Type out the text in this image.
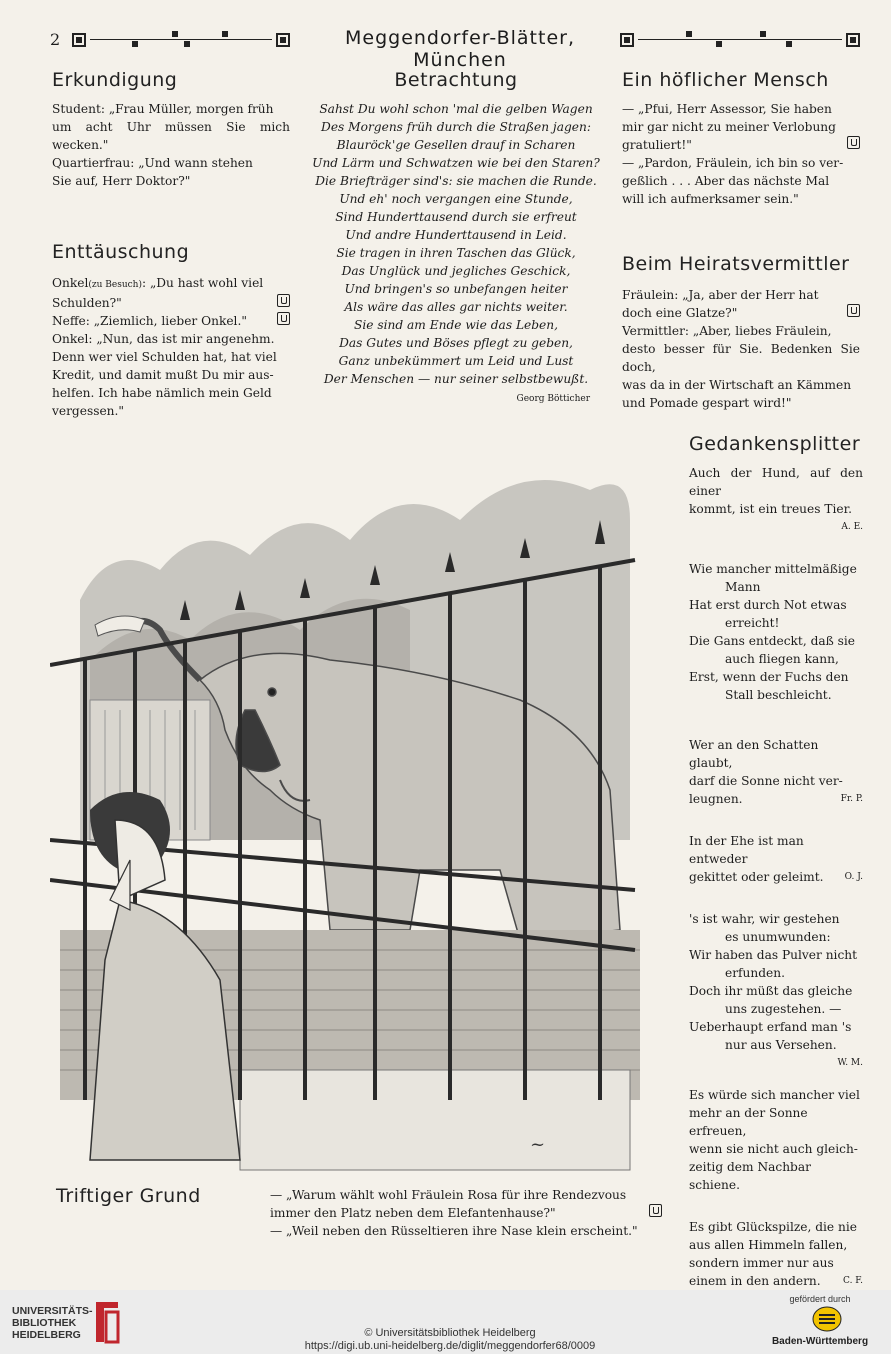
2	Meggendorfer-Blätter, München
Erkundigung
Student: „Frau Müller, morgen früh
um acht Uhr müssen Sie mich wecken."
Quartierfrau: „Und wann stehen
Sie auf, Herr Doktor?"
Enttäuschung
Onkel(zu Besuch): „Du hast wohl viel
Schulden?"
Neffe: „Ziemlich, lieber Onkel."
Onkel: „Nun, das ist mir angenehm.
Denn wer viel Schulden hat, hat viel
Kredit, und damit mußt Du mir aus-
helfen. Ich habe nämlich mein Geld
vergessen."
Betrachtung
Sahst Du wohl schon 'mal die gelben Wagen
Des Morgens früh durch die Straßen jagen:
Blauröck'ge Gesellen drauf in Scharen
Und Lärm und Schwatzen wie bei den Staren?
Die Briefträger sind's: sie machen die Runde.
Und eh' noch vergangen eine Stunde,
Sind Hunderttausend durch sie erfreut
Und andre Hunderttausend in Leid.
Sie tragen in ihren Taschen das Glück,
Das Unglück und jegliches Geschick,
Und bringen's so unbefangen heiter
Als wäre das alles gar nichts weiter.
Sie sind am Ende wie das Leben,
Das Gutes und Böses pflegt zu geben,
Ganz unbekümmert um Leid und Lust
Der Menschen — nur seiner selbstbewußt.
Georg Bötticher
Ein höflicher Mensch
— „Pfui, Herr Assessor, Sie haben
mir gar nicht zu meiner Verlobung
gratuliert!"
— „Pardon, Fräulein, ich bin so ver-
geßlich . . . Aber das nächste Mal
will ich aufmerksamer sein."
Beim Heiratsvermittler
Fräulein: „Ja, aber der Herr hat
doch eine Glatze?"
Vermittler: „Aber, liebes Fräulein,
desto besser für Sie. Bedenken Sie doch,
was da in der Wirtschaft an Kämmen
und Pomade gespart wird!"
Gedankensplitter
Auch der Hund, auf den einer
kommt, ist ein treues Tier.
A. E.
Wie mancher mittelmäßige
Mann
Hat erst durch Not etwas
erreicht!
Die Gans entdeckt, daß sie
auch fliegen kann,
Erst, wenn der Fuchs den
Stall beschleicht.
Wer an den Schatten glaubt,
darf die Sonne nicht ver-
leugnen.	Fr. P.
In der Ehe ist man entweder
gekittet oder geleimt. O. J.
's ist wahr, wir gestehen
es unumwunden:
Wir haben das Pulver nicht
erfunden.
Doch ihr müßt das gleiche
uns zugestehen. —
Ueberhaupt erfand man 's
nur aus Versehen.
W. M.
Es würde sich mancher viel
mehr an der Sonne erfreuen,
wenn sie nicht auch gleich-
zeitig dem Nachbar schiene.
Es gibt Glückspilze, die nie
aus allen Himmeln fallen,
sondern immer nur aus
einem in den andern. C. F.
~
Triftiger Grund	— „Warum wählt wohl Fräulein Rosa für ihre Rendezvous
immer den Platz neben dem Elefantenhause?"
— „Weil neben den Rüsseltieren ihre Nase klein erscheint."
UNIVERSITÄTS-
BIBLIOTHEK
HEIDELBERG	© Universitätsbibliothek Heidelberg
https://digi.ub.uni-heidelberg.de/diglit/meggendorfer68/0009
gefördert durch
Baden-Württemberg
